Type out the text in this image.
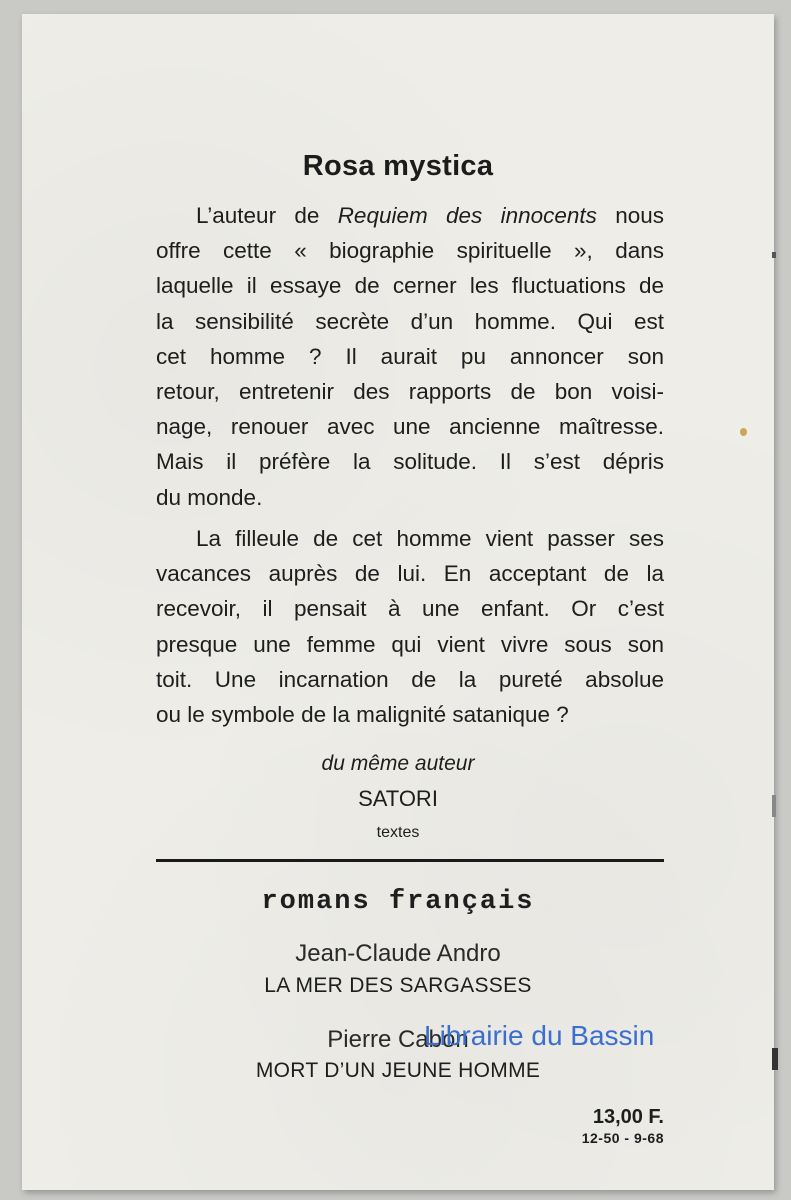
Rosa mystica

L’auteur de Requiem des innocents nous
offre cette « biographie spirituelle », dans
laquelle il essaye de cerner les fluctuations de
la sensibilité secrète d’un homme. Qui est
cet homme ? Il aurait pu annoncer son
retour, entretenir des rapports de bon voisi-
nage, renouer avec une ancienne maîtresse.
Mais il préfère la solitude. Il s’est dépris
du monde.

La filleule de cet homme vient passer ses
vacances auprès de lui. En acceptant de la
recevoir, il pensait à une enfant. Or c’est
presque une femme qui vient vivre sous son
toit. Une incarnation de la pureté absolue
ou le symbole de la malignité satanique ?

du même auteur
SATORI
textes
romans français
Jean-Claude Andro
LA MER DES SARGASSES
Pierre Cabon
MORT D’UN JEUNE HOMME
Librairie du Bassin
13,00 F.
12-50 - 9-68
